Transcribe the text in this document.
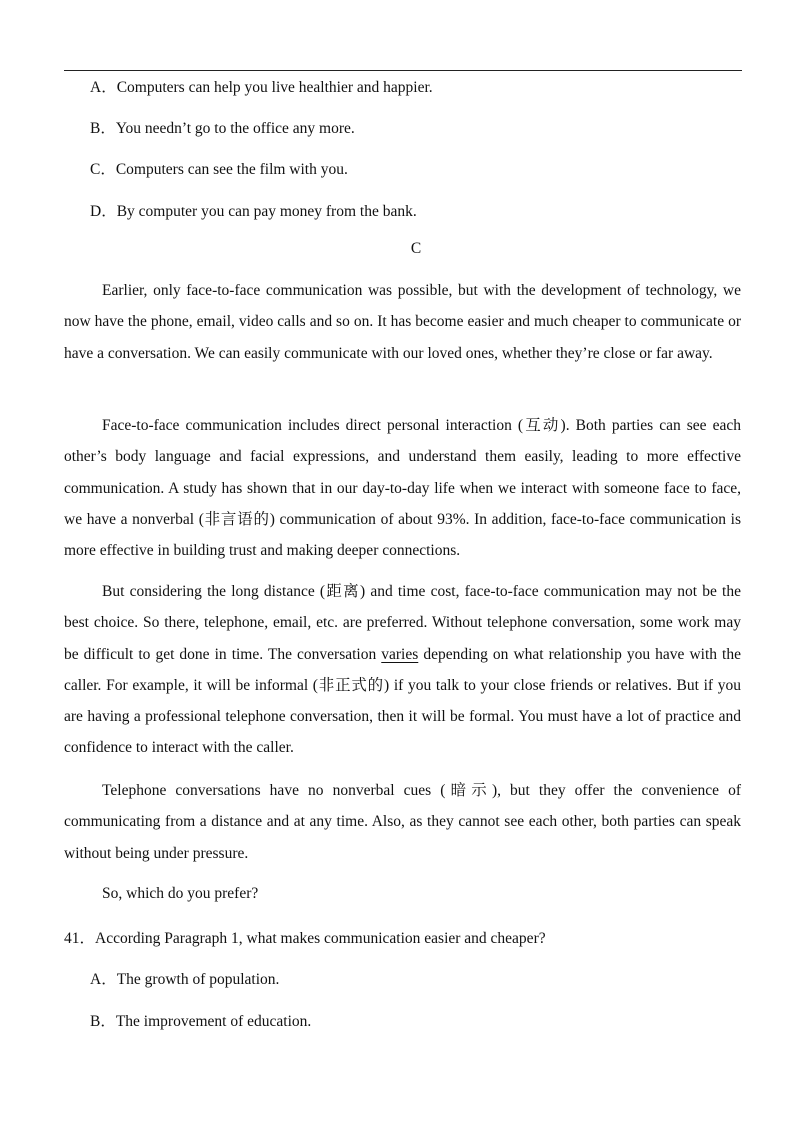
A．Computers can help you live healthier and happier.
B．You needn’t go to the office any more.
C．Computers can see the film with you.
D．By computer you can pay money from the bank.
C
Earlier, only face-to-face communication was possible, but with the development of technology, we now have the phone, email, video calls and so on. It has become easier and much cheaper to communicate or have a conversation. We can easily communicate with our loved ones, whether they’re close or far away.
Face-to-face communication includes direct personal interaction (互动). Both parties can see each other’s body language and facial expressions, and understand them easily, leading to more effective communication. A study has shown that in our day-to-day life when we interact with someone face to face, we have a nonverbal (非言语的) communication of about 93%. In addition, face-to-face communication is more effective in building trust and making deeper connections.
But considering the long distance (距离) and time cost, face-to-face communication may not be the best choice. So there, telephone, email, etc. are preferred. Without telephone conversation, some work may be difficult to get done in time. The conversation varies depending on what relationship you have with the caller. For example, it will be informal (非正式的) if you talk to your close friends or relatives. But if you are having a professional telephone conversation, then it will be formal. You must have a lot of practice and confidence to interact with the caller.
Telephone conversations have no nonverbal cues (暗示), but they offer the convenience of communicating from a distance and at any time. Also, as they cannot see each other, both parties can speak without being under pressure.
So, which do you prefer?
41．According Paragraph 1, what makes communication easier and cheaper?
A．The growth of population.
B．The improvement of education.
